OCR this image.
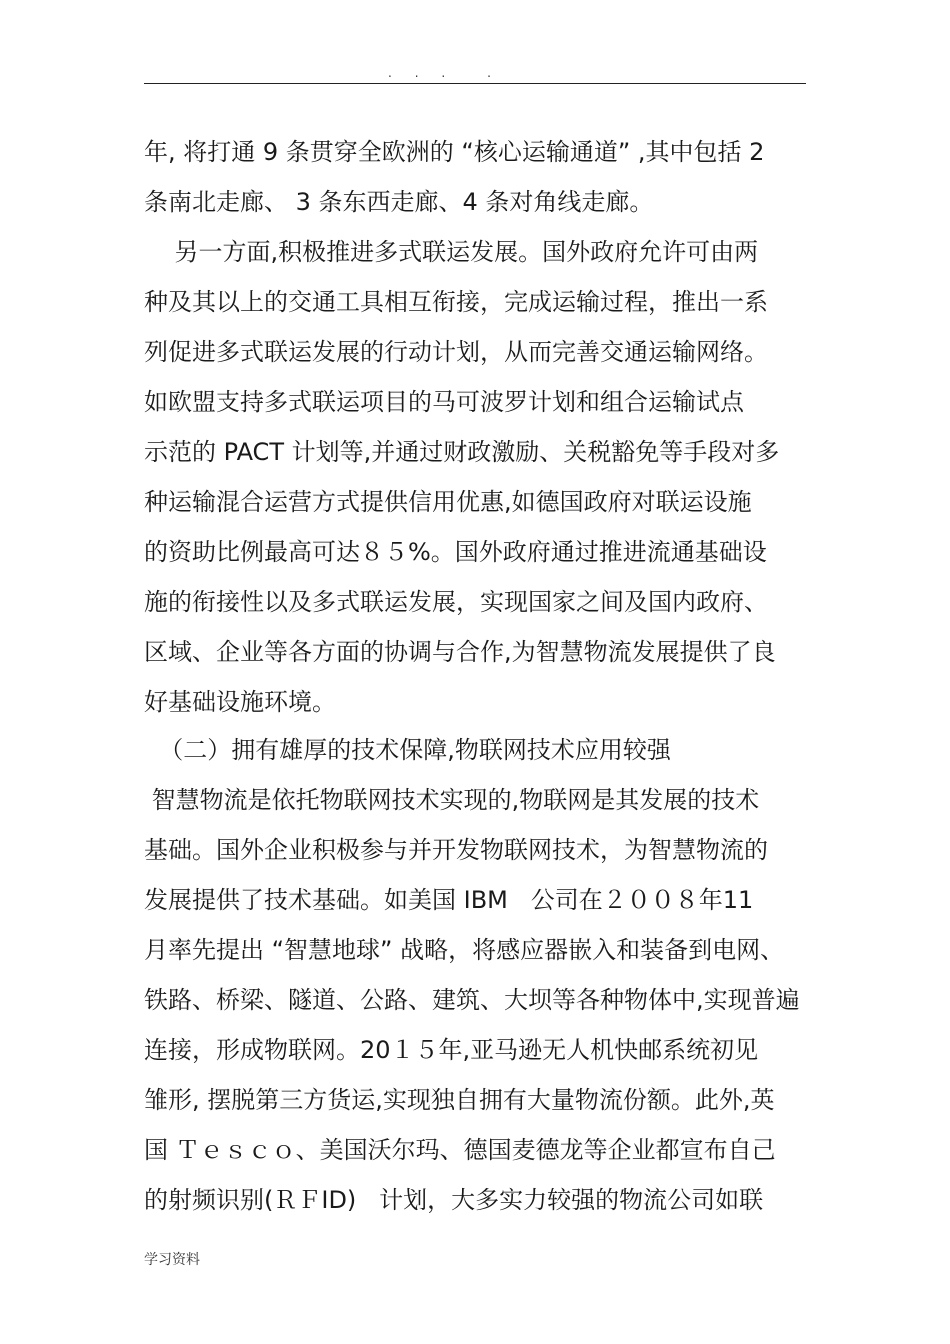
.      .      .           .
年, 将打通 9 条贯穿全欧洲的 “核心运输通道” ,其中包括 2
条南北走廊、 3 条东西走廊、4 条对角线走廊。
另一方面,积极推进多式联运发展。国外政府允许可由两
种及其以上的交通工具相互衔接，完成运输过程，推出一系
列促进多式联运发展的行动计划，从而完善交通运输网络。
如欧盟支持多式联运项目的马可波罗计划和组合运输试点
示范的 PACT 计划等,并通过财政激励、关税豁免等手段对多
种运输混合运营方式提供信用优惠,如德国政府对联运设施
的资助比例最高可达８５%。国外政府通过推进流通基础设
施的衔接性以及多式联运发展，实现国家之间及国内政府、
区域、企业等各方面的协调与合作,为智慧物流发展提供了良
好基础设施环境。
（二）拥有雄厚的技术保障,物联网技术应用较强
智慧物流是依托物联网技术实现的,物联网是其发展的技术
基础。国外企业积极参与并开发物联网技术，为智慧物流的
发展提供了技术基础。如美国 IBM   公司在２００８年11
月率先提出 “智慧地球” 战略，将感应器嵌入和装备到电网、
铁路、桥梁、隧道、公路、建筑、大坝等各种物体中,实现普遍
连接，形成物联网。20１５年,亚马逊无人机快邮系统初见
雏形, 摆脱第三方货运,实现独自拥有大量物流份额。此外,英
国 Ｔｅｓｃｏ、美国沃尔玛、德国麦德龙等企业都宣布自己
的射频识别(ＲＦID)   计划，大多实力较强的物流公司如联
学习资料
